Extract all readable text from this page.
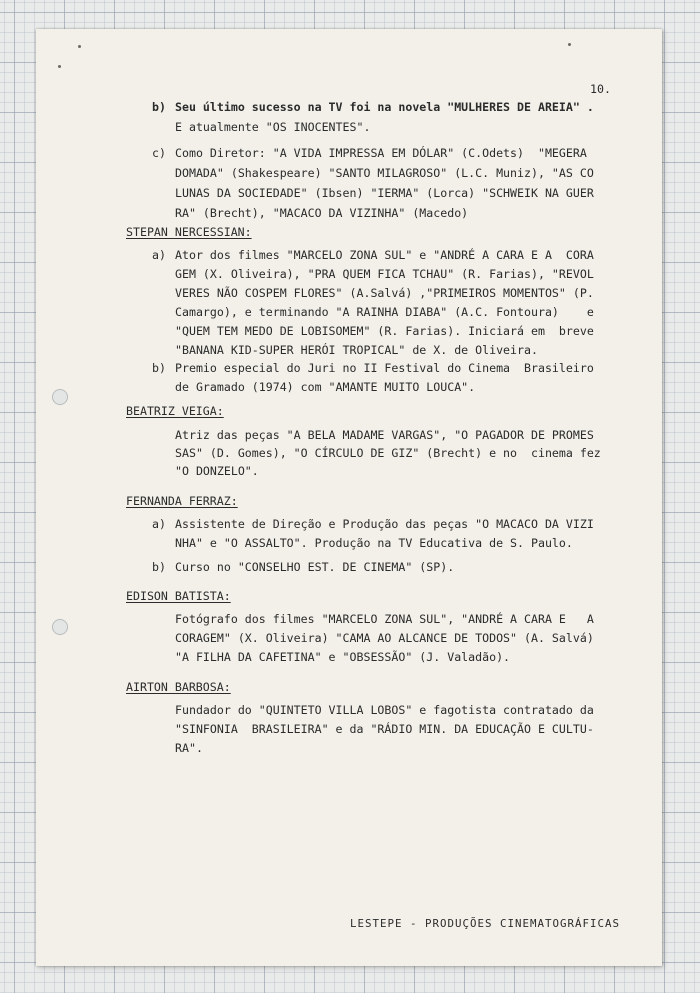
10.

b) Seu último sucesso na TV foi na novela "MULHERES DE AREIA" .

E atualmente "OS INOCENTES".

c) Como Diretor: "A VIDA IMPRESSA EM DÓLAR" (C.Odets)  "MEGERA

DOMADA" (Shakespeare) "SANTO MILAGROSO" (L.C. Muniz), "AS CO

LUNAS DA SOCIEDADE" (Ibsen) "IERMA" (Lorca) "SCHWEIK NA GUER

RA" (Brecht), "MACACO DA VIZINHA" (Macedo)

STEPAN NERCESSIAN:

a) Ator dos filmes "MARCELO ZONA SUL" e "ANDRÉ A CARA E A  CORA

GEM (X. Oliveira), "PRA QUEM FICA TCHAU" (R. Farias), "REVOL

VERES NÃO COSPEM FLORES" (A.Salvá) ,"PRIMEIROS MOMENTOS" (P.

Camargo), e terminando "A RAINHA DIABA" (A.C. Fontoura)    e

"QUEM TEM MEDO DE LOBISOMEM" (R. Farias). Iniciará em  breve

"BANANA KID-SUPER HERÓI TROPICAL" de X. de Oliveira.

b) Premio especial do Juri no II Festival do Cinema  Brasileiro

de Gramado (1974) com "AMANTE MUITO LOUCA".

BEATRIZ VEIGA:

Atriz das peças "A BELA MADAME VARGAS", "O PAGADOR DE PROMES

SAS" (D. Gomes), "O CÍRCULO DE GIZ" (Brecht) e no  cinema fez

"O DONZELO".

FERNANDA FERRAZ:

a) Assistente de Direção e Produção das peças "O MACACO DA VIZI

NHA" e "O ASSALTO". Produção na TV Educativa de S. Paulo.

b) Curso no "CONSELHO EST. DE CINEMA" (SP).

EDISON BATISTA:

Fotógrafo dos filmes "MARCELO ZONA SUL", "ANDRÉ A CARA E   A

CORAGEM" (X. Oliveira) "CAMA AO ALCANCE DE TODOS" (A. Salvá)

"A FILHA DA CAFETINA" e "OBSESSÃO" (J. Valadão).

AIRTON BARBOSA:

Fundador do "QUINTETO VILLA LOBOS" e fagotista contratado da

"SINFONIA  BRASILEIRA" e da "RÁDIO MIN. DA EDUCAÇÃO E CULTU-

RA".

LESTEPE - PRODUÇÕES CINEMATOGRÁFICAS
